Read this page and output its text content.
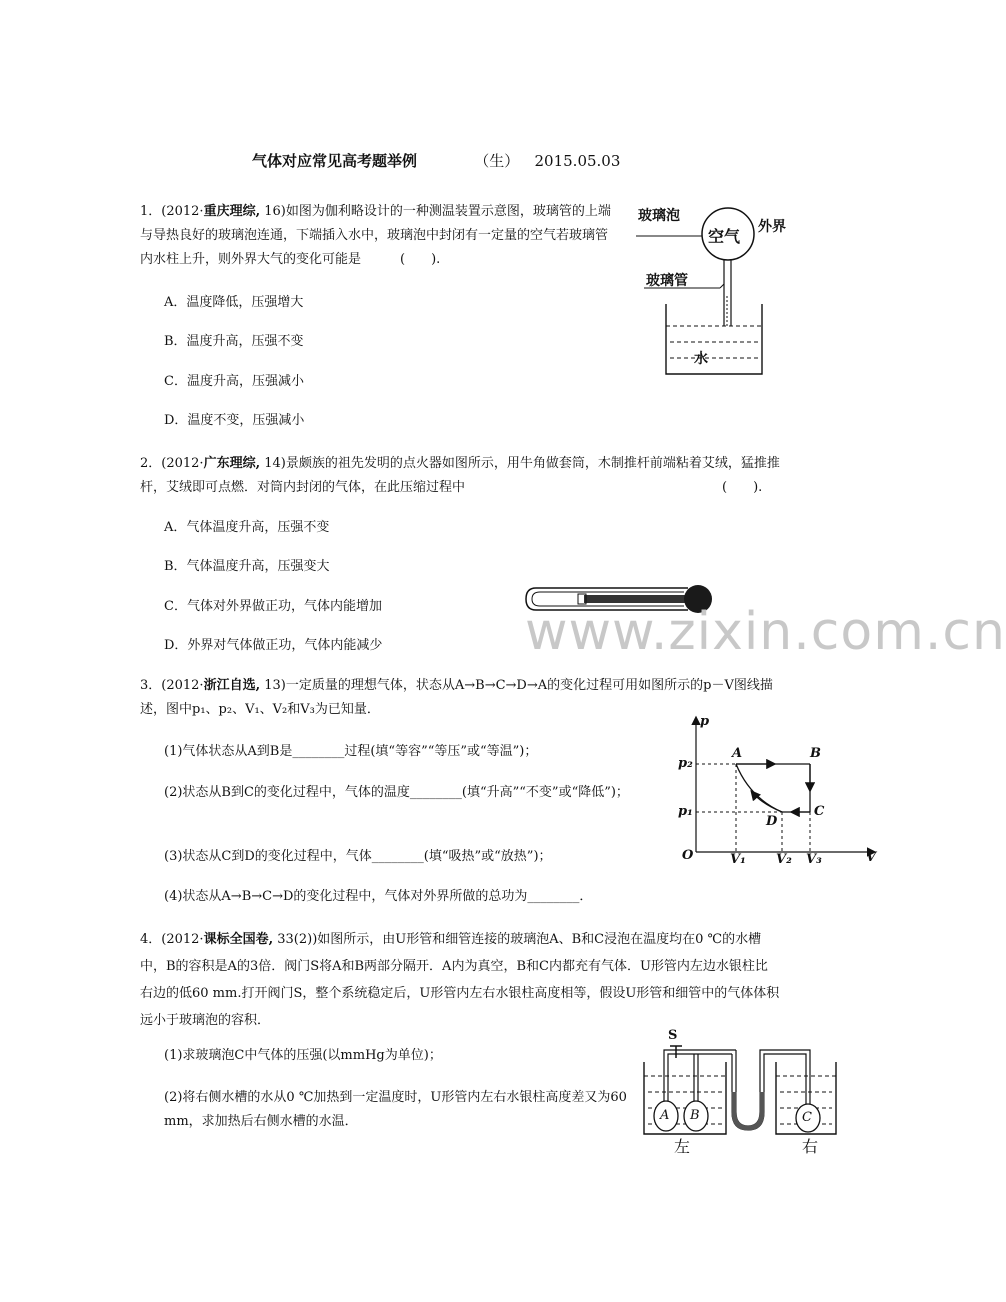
气体对应常见高考题举例	（生） 2015.05.03
1．(2012·重庆理综, 16)如图为伽利略设计的一种测温装置示意图，玻璃管的上端与导热良好的玻璃泡连通，下端插入水中，玻璃泡中封闭有一定量的空气若玻璃管内水柱上升，则外界大气的变化可能是　　　(　　).
A．温度降低，压强增大
B．温度升高，压强不变
C．温度升高，压强减小
D．温度不变，压强减小
玻璃泡
空气 外界
玻璃管
水
2．(2012·广东理综, 14)景颇族的祖先发明的点火器如图所示，用牛角做套筒，木制推杆前端粘着艾绒，猛推推杆，艾绒即可点燃．对筒内封闭的气体，在此压缩过程中	(　　).
A．气体温度升高，压强不变
B．气体温度升高，压强变大
C．气体对外界做正功，气体内能增加
D．外界对气体做正功，气体内能减少	www.zixin.com.cn
3．(2012·浙江自选, 13)一定质量的理想气体，状态从A→B→C→D→A的变化过程可用如图所示的p－V图线描述，图中p₁、p₂、V₁、V₂和V₃为已知量．
(1)气体状态从A到B是________过程(填“等容”“等压”或“等温”)；
(2)状态从B到C的变化过程中，气体的温度________(填“升高”“不变”或“降低”)；
(3)状态从C到D的变化过程中，气体________(填“吸热”或“放热”)；
(4)状态从A→B→C→D的变化过程中，气体对外界所做的总功为________．
p
V
O
p₂
p₁
V₁ V₂ V₃
A	B
C
D
4．(2012·课标全国卷, 33(2))如图所示，由U形管和细管连接的玻璃泡A、B和C浸泡在温度均在0 ℃的水槽中，B的容积是A的3倍．阀门S将A和B两部分隔开．A内为真空，B和C内都充有气体．U形管内左边水银柱比右边的低60 mm.打开阀门S，整个系统稳定后，U形管内左右水银柱高度相等，假设U形管和细管中的气体体积远小于玻璃泡的容积．
(1)求玻璃泡C中气体的压强(以mmHg为单位)；
(2)将右侧水槽的水从0 ℃加热到一定温度时，U形管内左右水银柱高度差又为60 mm，求加热后右侧水槽的水温．
S
A B	C
左	右
